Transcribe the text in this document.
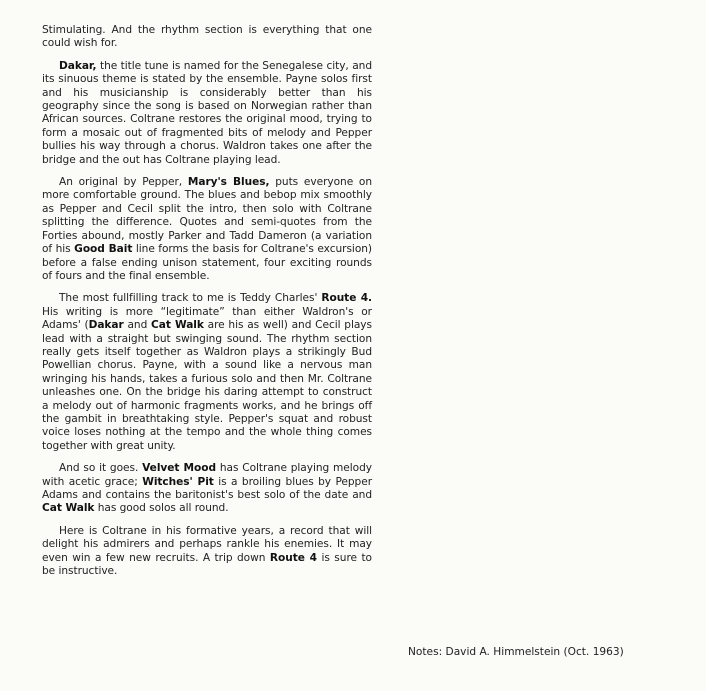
Stimulating. And the rhythm section is everything that one could wish for.

Dakar, the title tune is named for the Senegalese city, and its sinuous theme is stated by the ensemble. Payne solos first and his musicianship is considerably better than his geography since the song is based on Norwegian rather than African sources. Coltrane restores the original mood, trying to form a mosaic out of fragmented bits of melody and Pepper bullies his way through a chorus. Waldron takes one after the bridge and the out has Coltrane playing lead.

An original by Pepper, Mary's Blues, puts everyone on more comfortable ground. The blues and bebop mix smoothly as Pepper and Cecil split the intro, then solo with Coltrane splitting the difference. Quotes and semi-quotes from the Forties abound, mostly Parker and Tadd Dameron (a variation of his Good Bait line forms the basis for Coltrane's excursion) before a false ending unison statement, four exciting rounds of fours and the final ensemble.

The most fullfilling track to me is Teddy Charles' Route 4. His writing is more “legitimate” than either Waldron's or Adams' (Dakar and Cat Walk are his as well) and Cecil plays lead with a straight but swinging sound. The rhythm section really gets itself together as Waldron plays a strikingly Bud Powellian chorus. Payne, with a sound like a nervous man wringing his hands, takes a furious solo and then Mr. Coltrane unleashes one. On the bridge his daring attempt to construct a melody out of harmonic fragments works, and he brings off the gambit in breathtaking style. Pepper's squat and robust voice loses nothing at the tempo and the whole thing comes together with great unity.

And so it goes. Velvet Mood has Coltrane playing melody with acetic grace; Witches' Pit is a broiling blues by Pepper Adams and contains the baritonist's best solo of the date and Cat Walk has good solos all round.

Here is Coltrane in his formative years, a record that will delight his admirers and perhaps rankle his enemies. It may even win a few new recruits. A trip down Route 4 is sure to be instructive.

Notes: David A. Himmelstein (Oct. 1963)
